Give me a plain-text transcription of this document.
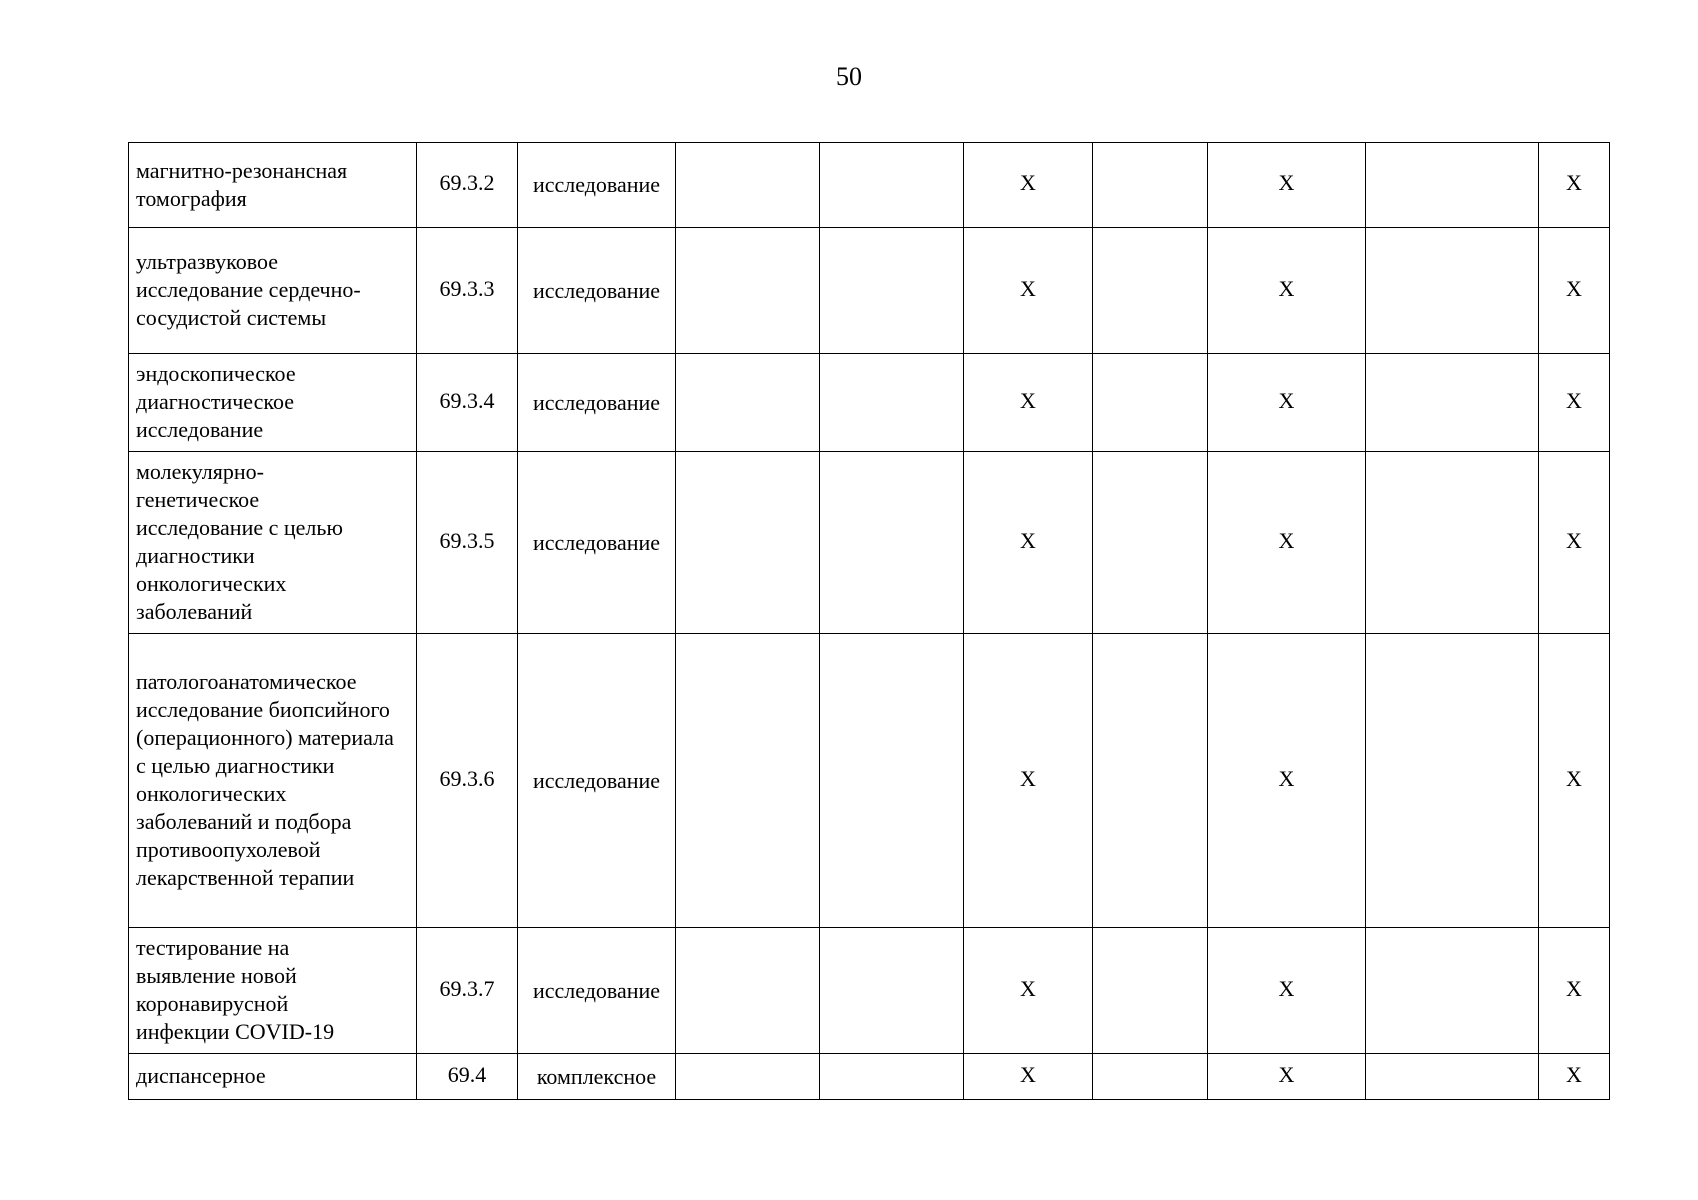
50
магнитно-резонансная томография	69.3.2	исследование			Х		Х		Х

ультразвуковое исследование сердечно-сосудистой системы	69.3.3	исследование			Х		Х		Х

эндоскопическое диагностическое исследование	69.3.4	исследование			Х		Х		Х

молекулярно-генетическое исследование с целью диагностики онкологических заболеваний	69.3.5	исследование			Х		Х		Х

патологоанатомическое исследование биопсийного (операционного) материала с целью диагностики онкологических заболеваний и подбора противоопухолевой лекарственной терапии	69.3.6	исследование			Х		Х		Х

тестирование на выявление новой коронавирусной инфекции COVID-19	69.3.7	исследование			Х		Х		Х

диспансерное	69.4	комплексное			Х		Х		Х
